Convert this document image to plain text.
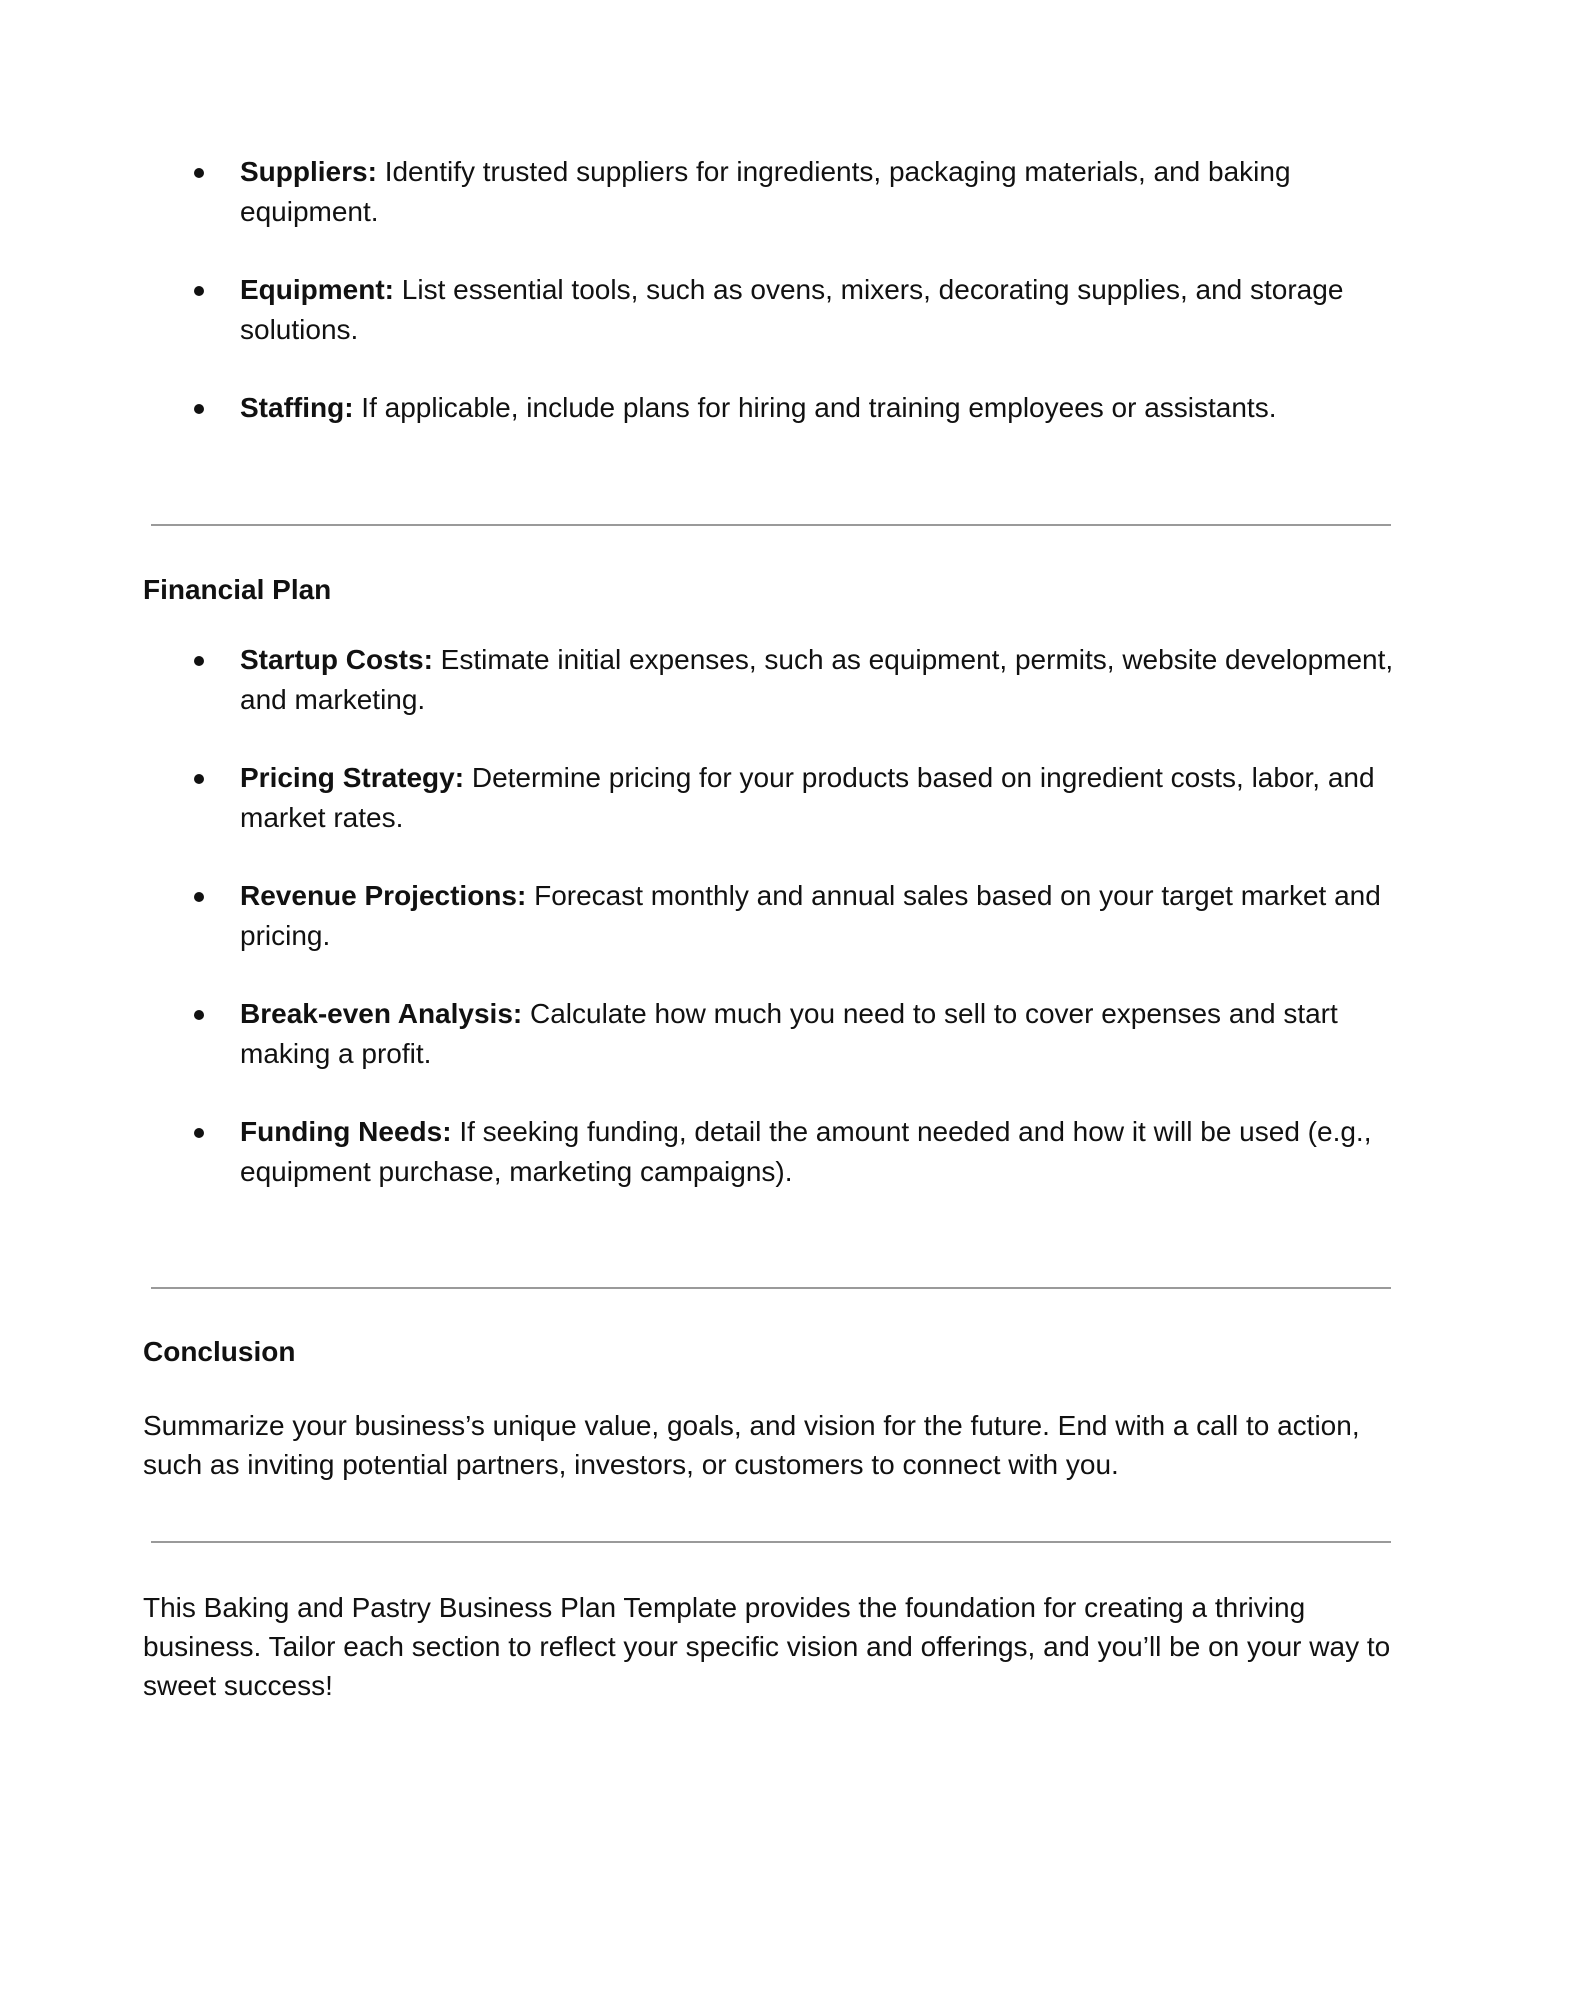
Suppliers: Identify trusted suppliers for ingredients, packaging materials, and baking equipment.
Equipment: List essential tools, such as ovens, mixers, decorating supplies, and storage solutions.
Staffing: If applicable, include plans for hiring and training employees or assistants.
Financial Plan
Startup Costs: Estimate initial expenses, such as equipment, permits, website development, and marketing.
Pricing Strategy: Determine pricing for your products based on ingredient costs, labor, and market rates.
Revenue Projections: Forecast monthly and annual sales based on your target market and pricing.
Break-even Analysis: Calculate how much you need to sell to cover expenses and start making a profit.
Funding Needs: If seeking funding, detail the amount needed and how it will be used (e.g., equipment purchase, marketing campaigns).
Conclusion

Summarize your business’s unique value, goals, and vision for the future. End with a call to action, such as inviting potential partners, investors, or customers to connect with you.

This Baking and Pastry Business Plan Template provides the foundation for creating a thriving business. Tailor each section to reflect your specific vision and offerings, and you’ll be on your way to sweet success!
